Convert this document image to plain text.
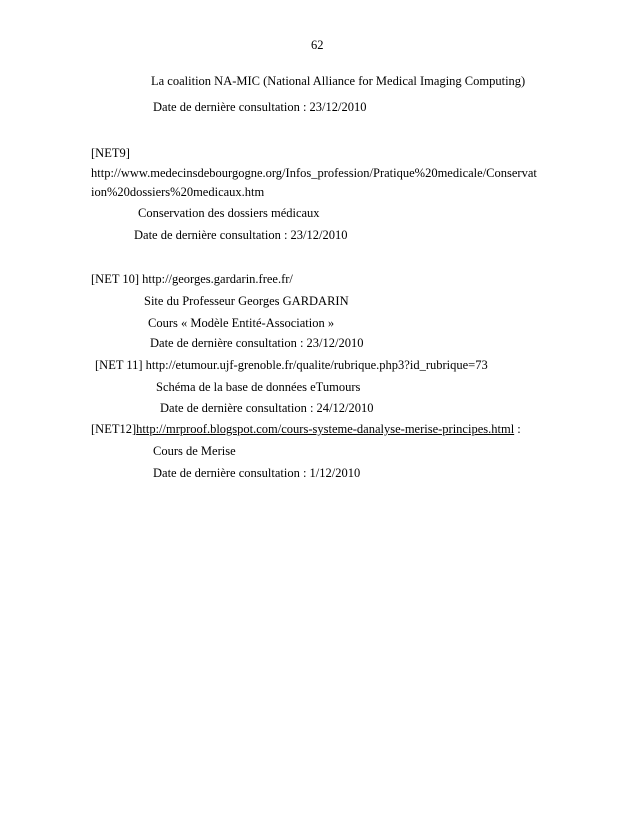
62
La coalition NA-MIC (National Alliance for Medical Imaging Computing)
Date de dernière consultation : 23/12/2010
[NET9]
http://www.medecinsdebourgogne.org/Infos_profession/Pratique%20medicale/Conservat
ion%20dossiers%20medicaux.htm
Conservation des dossiers médicaux
Date de dernière consultation : 23/12/2010
[NET 10] http://georges.gardarin.free.fr/
Site du Professeur Georges GARDARIN
Cours « Modèle Entité-Association »
Date de dernière consultation : 23/12/2010
[NET 11] http://etumour.ujf-grenoble.fr/qualite/rubrique.php3?id_rubrique=73
Schéma de la base de données eTumours
Date de dernière consultation : 24/12/2010
[NET12]http://mrproof.blogspot.com/cours-systeme-danalyse-merise-principes.html :
Cours de Merise
Date de dernière consultation : 1/12/2010
